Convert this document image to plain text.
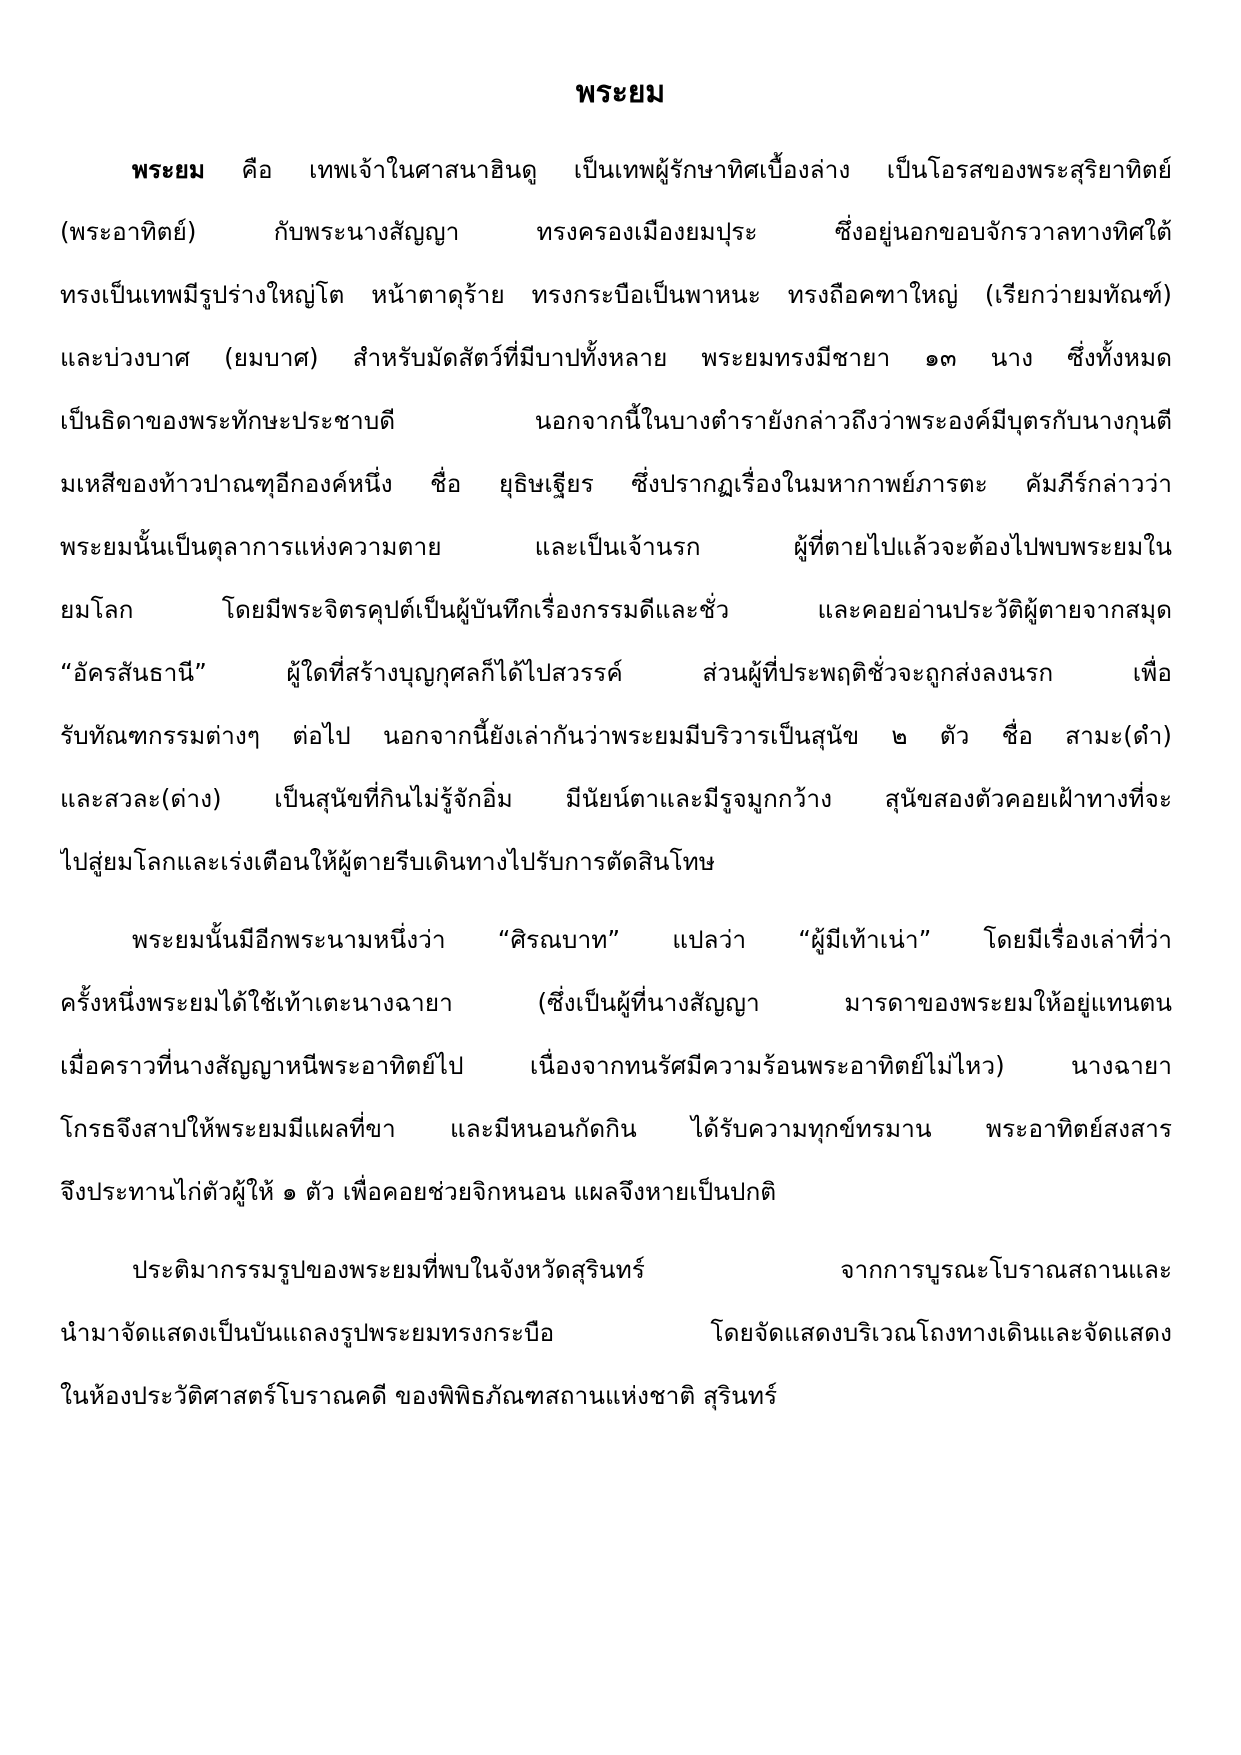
พระยม
พระยม คือ เทพเจ้าในศาสนาฮินดู เป็นเทพผู้รักษาทิศเบื้องล่าง เป็นโอรสของพระสุริยาทิตย์
(พระอาทิตย์) กับพระนางสัญญา ทรงครองเมืองยมปุระ ซึ่งอยู่นอกขอบจักรวาลทางทิศใต้
ทรงเป็นเทพมีรูปร่างใหญ่โต หน้าตาดุร้าย ทรงกระบือเป็นพาหนะ ทรงถือคฑาใหญ่ (เรียกว่ายมทัณฑ์)
และบ่วงบาศ (ยมบาศ) สำหรับมัดสัตว์ที่มีบาปทั้งหลาย พระยมทรงมีชายา ๑๓ นาง ซึ่งทั้งหมด
เป็นธิดาของพระทักษะประชาบดี นอกจากนี้ในบางตำรายังกล่าวถึงว่าพระองค์มีบุตรกับนางกุนตี
มเหสีของท้าวปาณฑุอีกองค์หนึ่ง ชื่อ ยุธิษเฐียร ซึ่งปรากฏเรื่องในมหากาพย์ภารตะ คัมภีร์กล่าวว่า
พระยมนั้นเป็นตุลาการแห่งความตาย และเป็นเจ้านรก ผู้ที่ตายไปแล้วจะต้องไปพบพระยมใน
ยมโลก โดยมีพระจิตรคุปต์เป็นผู้บันทึกเรื่องกรรมดีและชั่ว และคอยอ่านประวัติผู้ตายจากสมุด
“อัครสันธานี” ผู้ใดที่สร้างบุญกุศลก็ได้ไปสวรรค์ ส่วนผู้ที่ประพฤติชั่วจะถูกส่งลงนรก เพื่อ
รับทัณฑกรรมต่างๆ ต่อไป นอกจากนี้ยังเล่ากันว่าพระยมมีบริวารเป็นสุนัข ๒ ตัว ชื่อ สามะ(ดำ)
และสวละ(ด่าง) เป็นสุนัขที่กินไม่รู้จักอิ่ม มีนัยน์ตาและมีรูจมูกกว้าง สุนัขสองตัวคอยเฝ้าทางที่จะ
ไปสู่ยมโลกและเร่งเตือนให้ผู้ตายรีบเดินทางไปรับการตัดสินโทษ
พระยมนั้นมีอีกพระนามหนึ่งว่า “ศิรณบาท” แปลว่า “ผู้มีเท้าเน่า” โดยมีเรื่องเล่าที่ว่า
ครั้งหนึ่งพระยมได้ใช้เท้าเตะนางฉายา (ซึ่งเป็นผู้ที่นางสัญญา มารดาของพระยมให้อยู่แทนตน
เมื่อคราวที่นางสัญญาหนีพระอาทิตย์ไป เนื่องจากทนรัศมีความร้อนพระอาทิตย์ไม่ไหว) นางฉายา
โกรธจึงสาปให้พระยมมีแผลที่ขา และมีหนอนกัดกิน ได้รับความทุกข์ทรมาน พระอาทิตย์สงสาร
จึงประทานไก่ตัวผู้ให้ ๑ ตัว เพื่อคอยช่วยจิกหนอน แผลจึงหายเป็นปกติ
ประติมากรรมรูปของพระยมที่พบในจังหวัดสุรินทร์ จากการบูรณะโบราณสถานและ
นำมาจัดแสดงเป็นบันแถลงรูปพระยมทรงกระบือ โดยจัดแสดงบริเวณโถงทางเดินและจัดแสดง
ในห้องประวัติศาสตร์โบราณคดี ของพิพิธภัณฑสถานแห่งชาติ สุรินทร์
